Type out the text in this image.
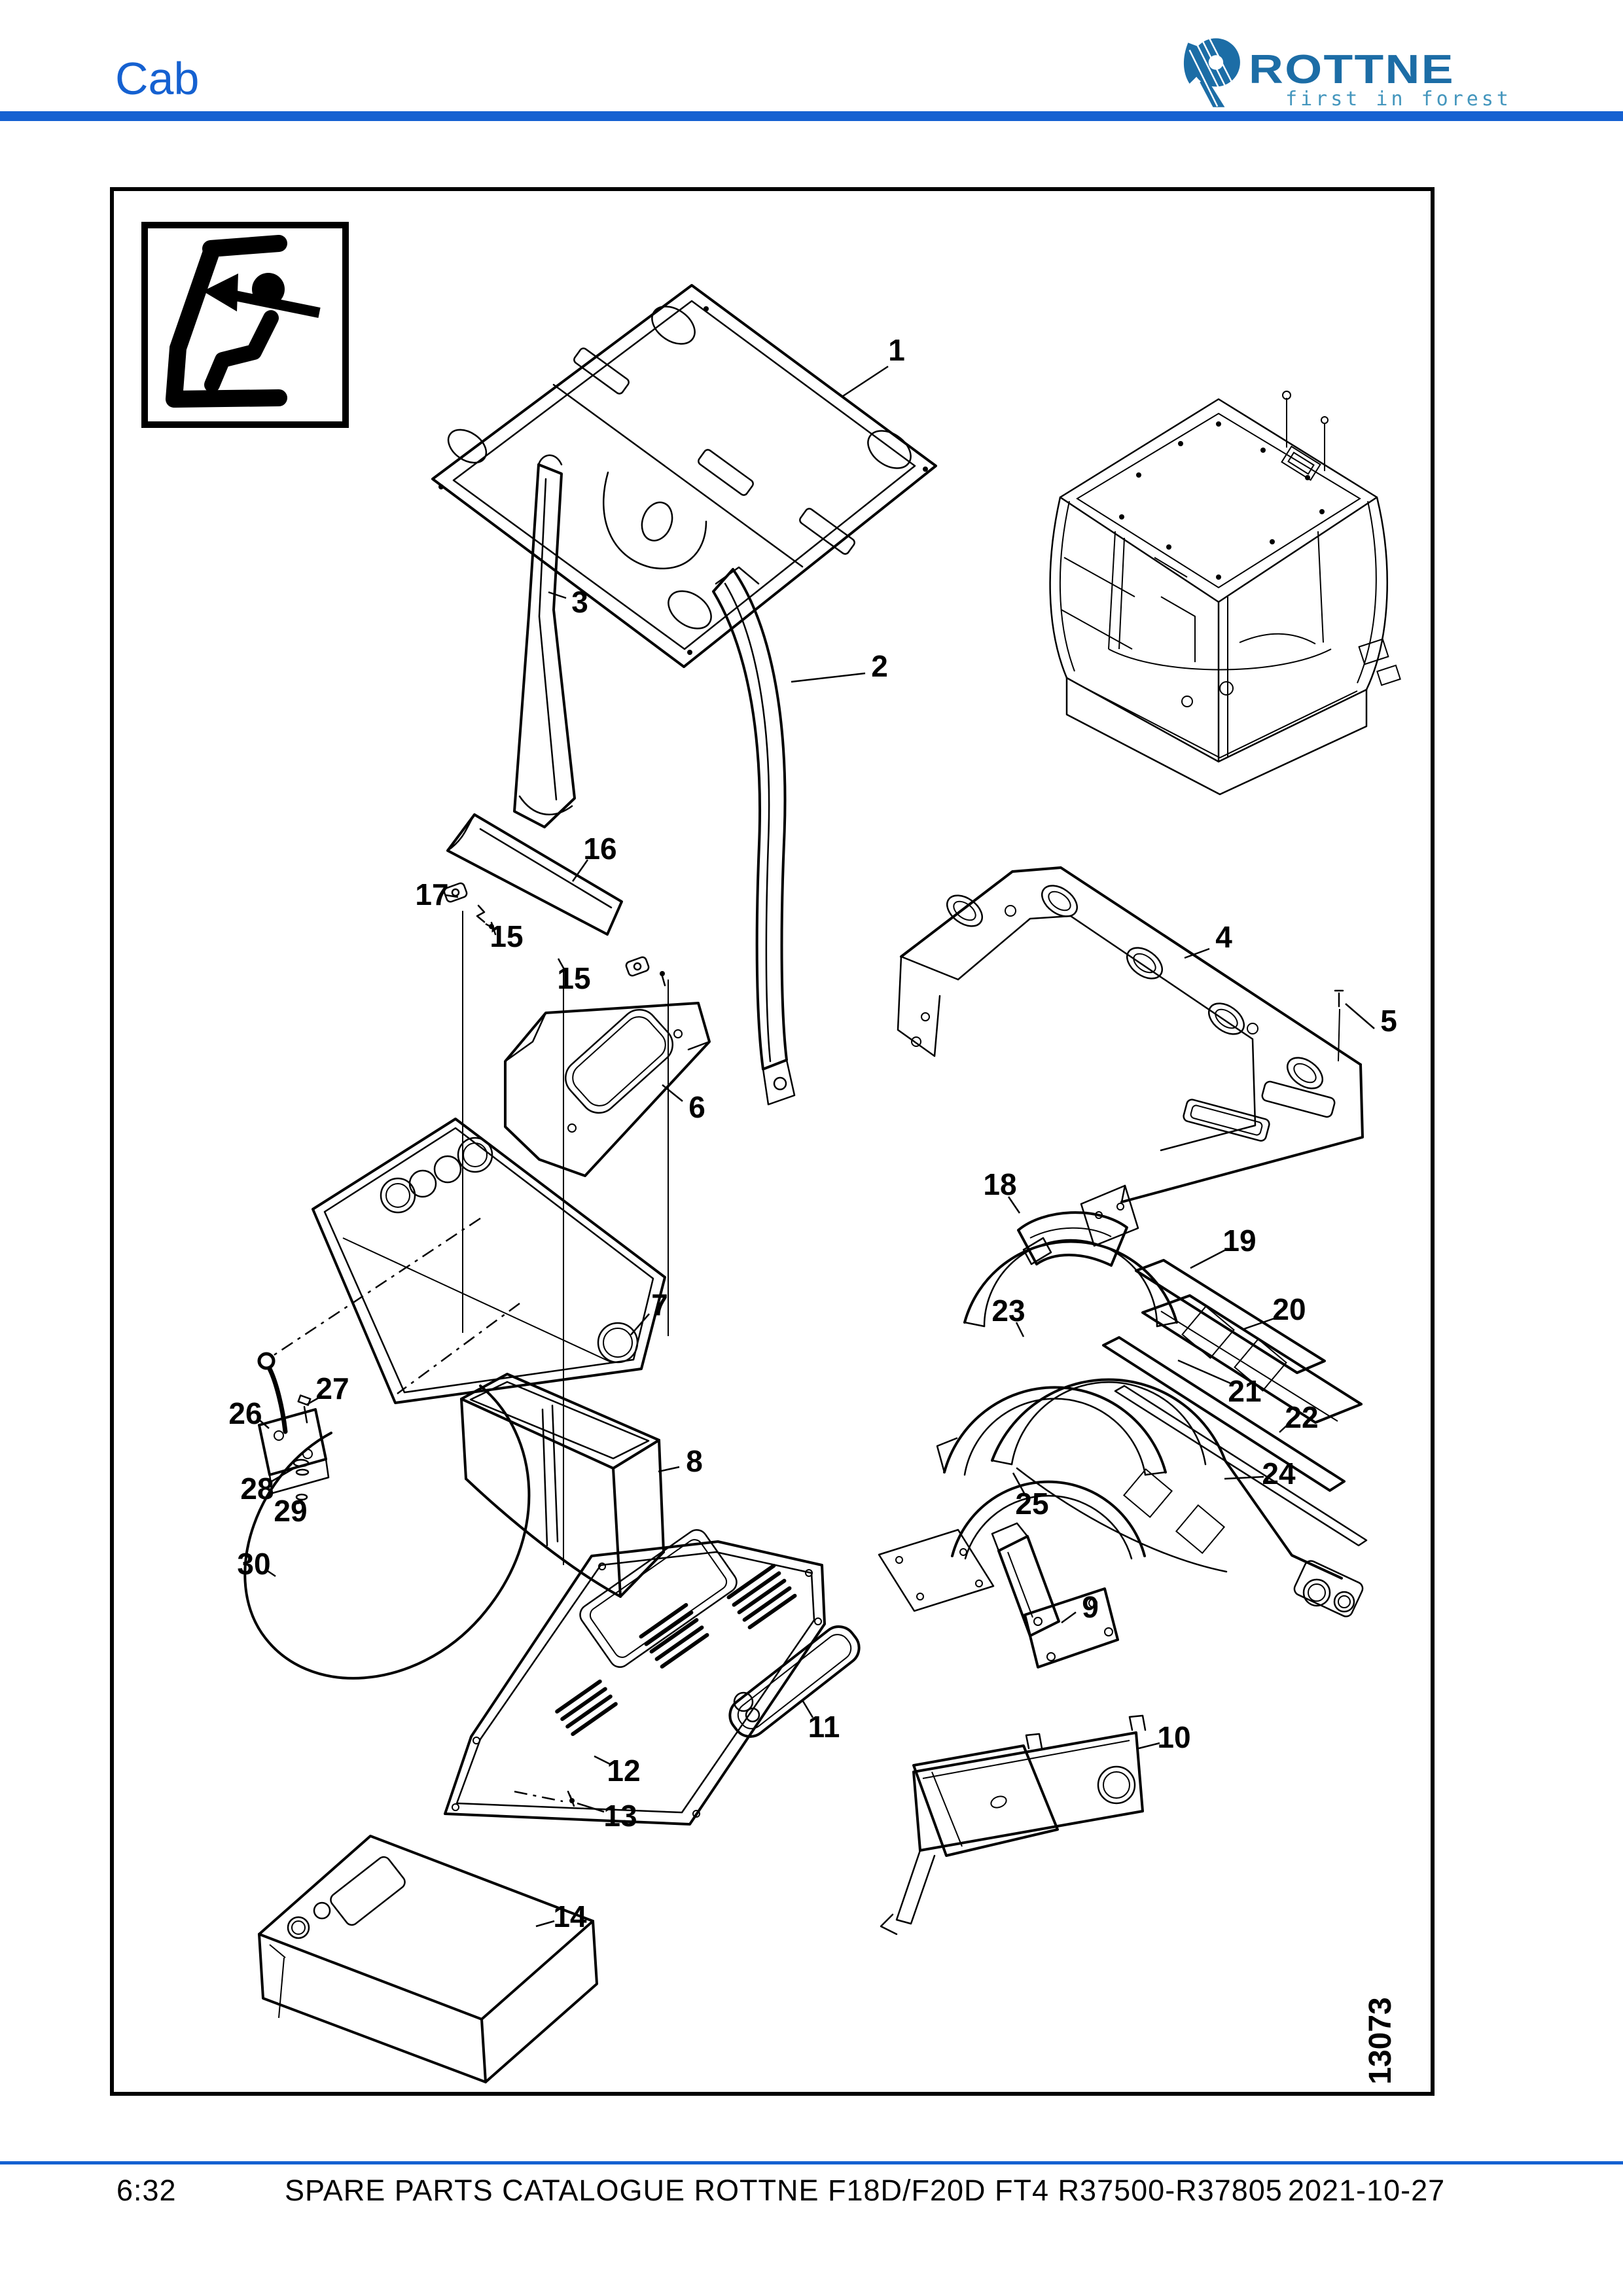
Cab	ROTTNE
first in forest
1
2
3
4
5
6
7
8
9
10
11
12
13
14
15
15
16
17
18
19
20
21
22
23
24
25
26
27
28
29
30
13073
6:32	SPARE PARTS CATALOGUE ROTTNE F18D/F20D FT4 R37500-R37805 2021-10-27
